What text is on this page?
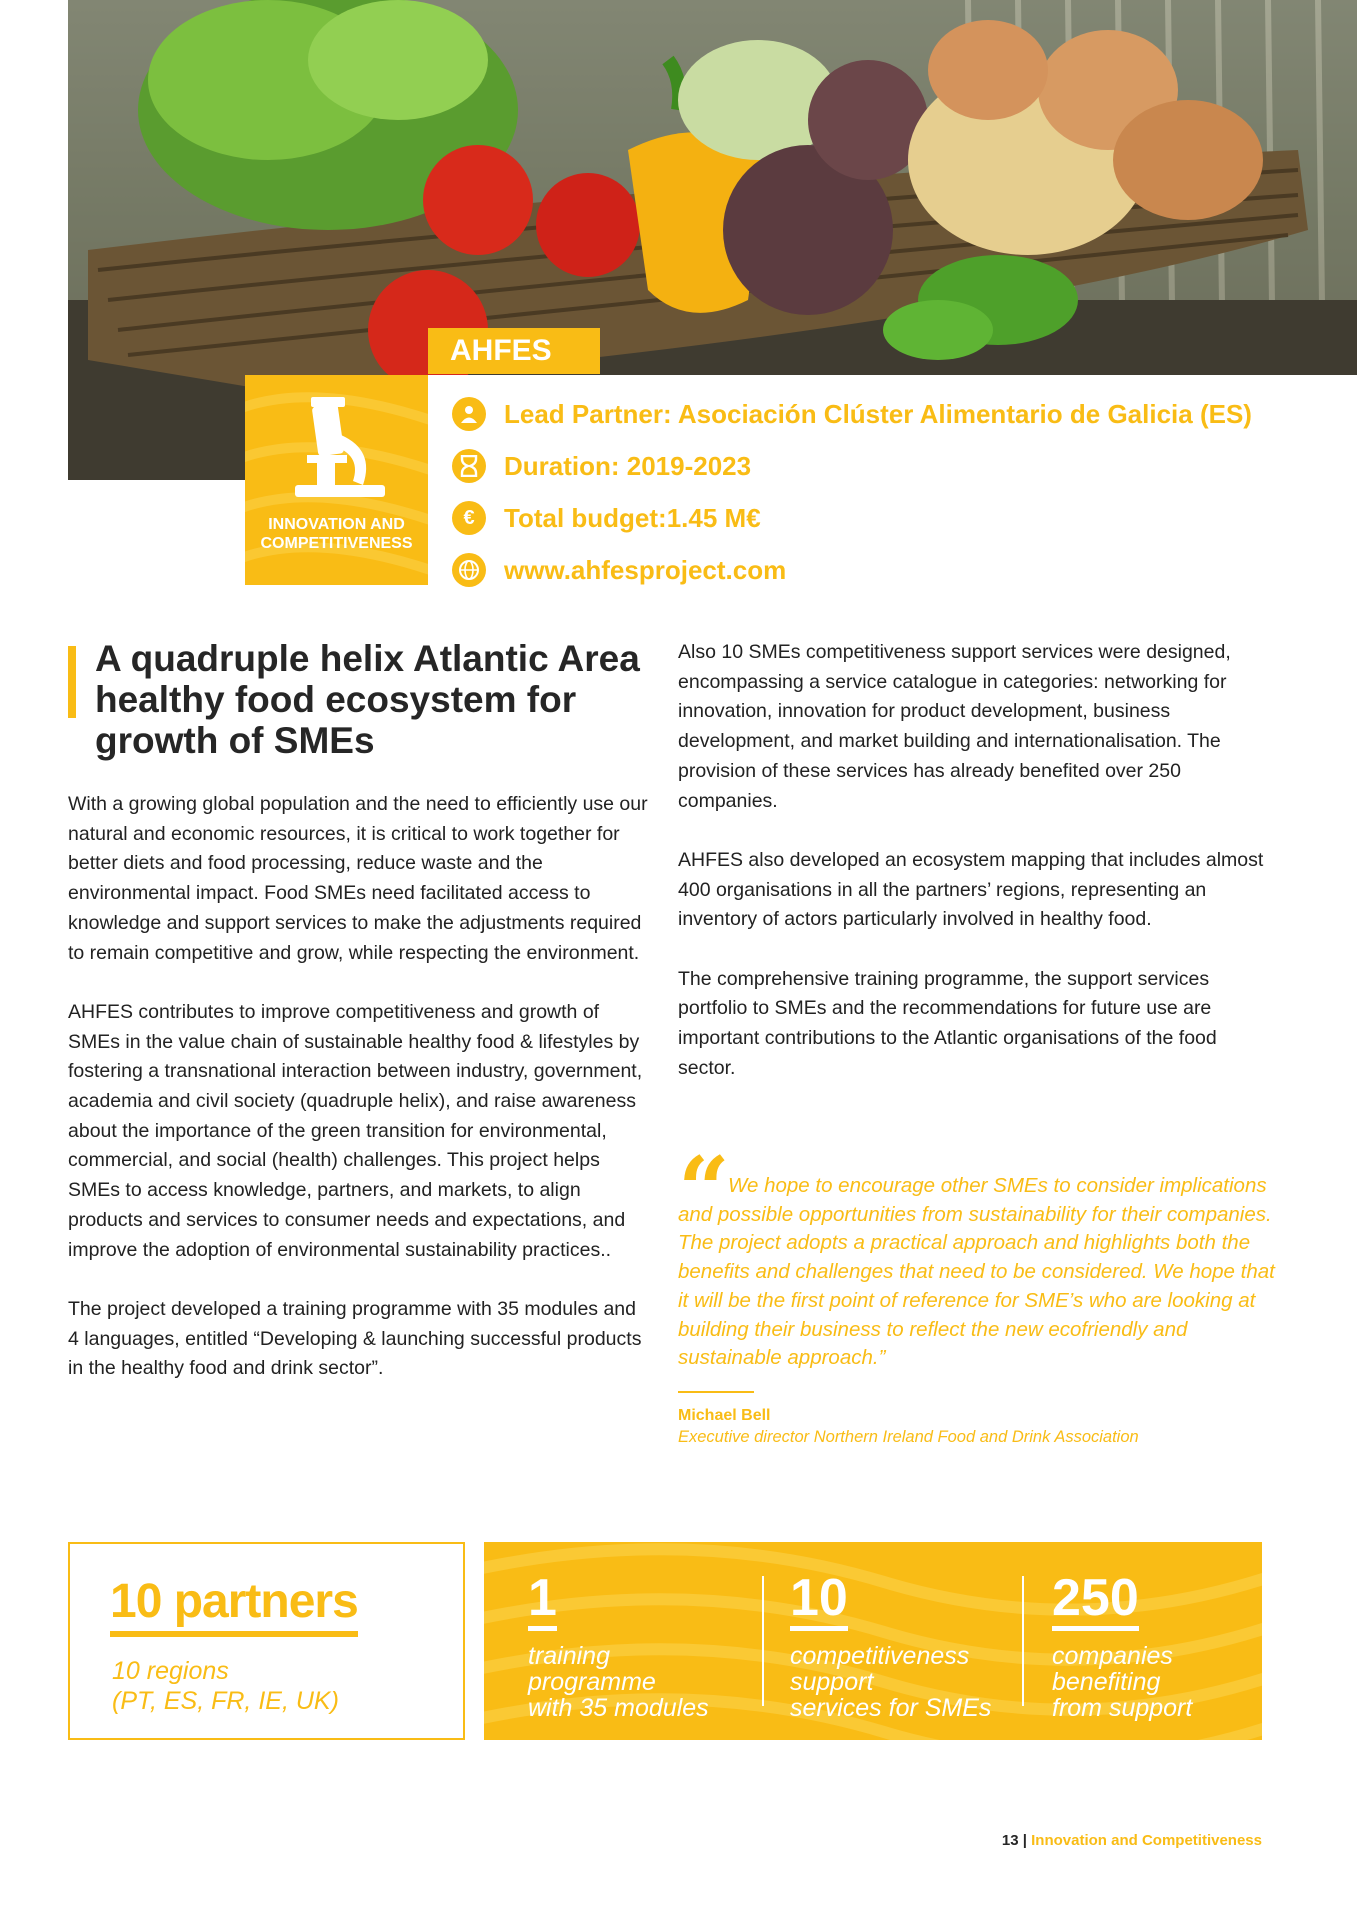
AHFES
INNOVATION AND
COMPETITIVENESS
Lead Partner: Asociación Clúster Alimentario de Galicia (ES)
Duration: 2019-2023
€	Total budget:1.45 M€
www.ahfesproject.com
A quadruple helix Atlantic Area healthy food ecosystem for growth of SMEs

With a growing global population and the need to efficiently use our natural and economic resources, it is critical to work together for better diets and food processing, reduce waste and the environmental impact. Food SMEs need facilitated access to knowledge and support services to make the adjustments required to remain competitive and grow, while respecting the environment.

AHFES contributes to improve competitiveness and growth of SMEs in the value chain of sustainable healthy food & lifestyles by fostering a transnational interaction between industry, government, academia and civil society (quadruple helix), and raise awareness about the importance of the green transition for environmental, commercial, and social (health) challenges. This project helps SMEs to access knowledge, partners, and markets, to align products and services to consumer needs and expectations, and improve the adoption of environmental sustainability practices..

The project developed a training programme with 35 modules and 4 languages, entitled “Developing & launching successful products in the healthy food and drink sector”.

Also 10 SMEs competitiveness support services were designed, encompassing a service catalogue in categories: networking for innovation, innovation for product development, business development, and market building and internationalisation. The provision of these services has already benefited over 250 companies.

AHFES also developed an ecosystem mapping that includes almost 400 organisations in all the partners’ regions, representing an inventory of actors particularly involved in healthy food.

The comprehensive training programme, the support services portfolio to SMEs and the recommendations for future use are important contributions to the Atlantic organisations of the food sector.

“
We hope to encourage other SMEs to consider implications and possible opportunities from sustainability for their companies. The project adopts a practical approach and highlights both the benefits and challenges that need to be considered. We hope that it will be the first point of reference for SME’s who are looking at building their business to reflect the new ecofriendly and sustainable approach.”
Michael Bell
Executive director Northern Ireland Food and Drink Association
10 partners
10 regions
(PT, ES, FR, IE, UK)
1
training
programme
with 35 modules
10
competitiveness
support
services for SMEs
250
companies
benefiting
from support
13 | Innovation and Competitiveness
